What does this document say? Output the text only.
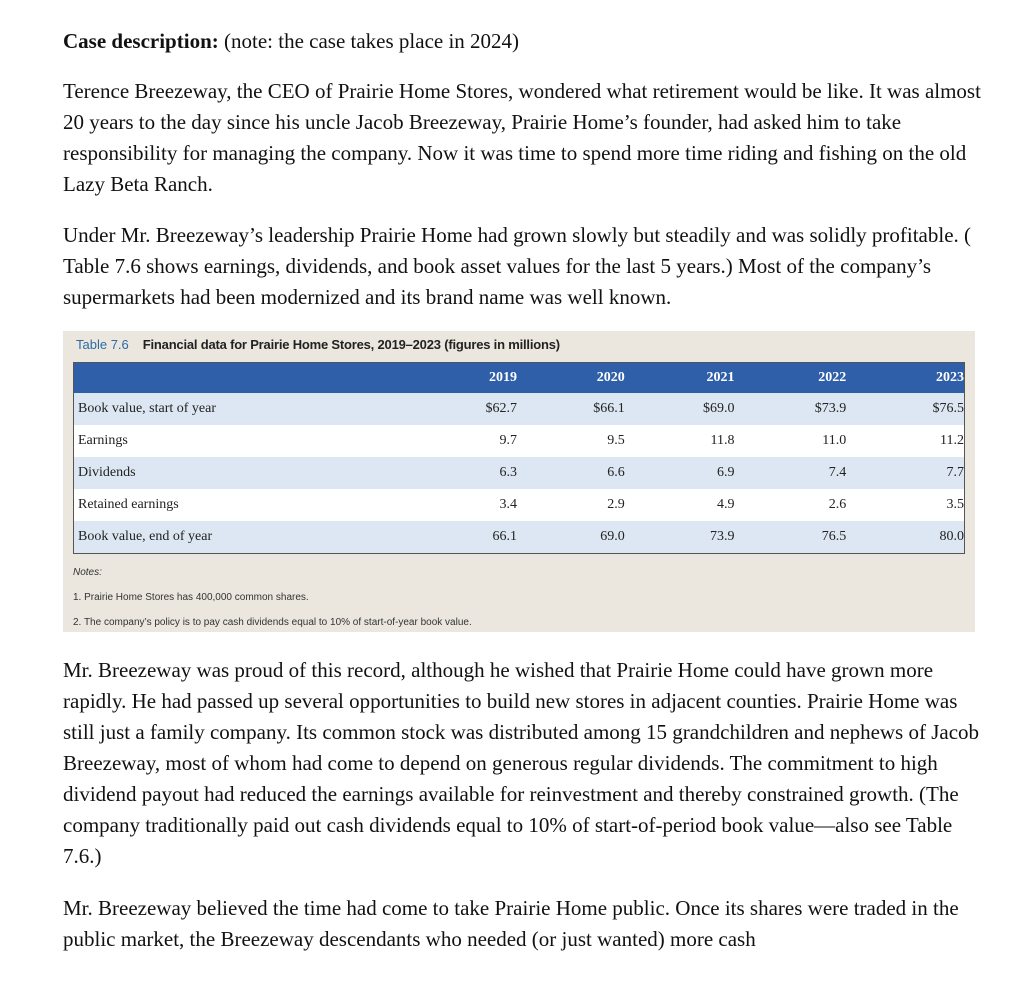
Case description: (note: the case takes place in 2024)

Terence Breezeway, the CEO of Prairie Home Stores, wondered what retirement would be like. It was almost 20 years to the day since his uncle Jacob Breezeway, Prairie Home’s founder, had asked him to take responsibility for managing the company. Now it was time to spend more time riding and fishing on the old Lazy Beta Ranch.

Under Mr. Breezeway’s leadership Prairie Home had grown slowly but steadily and was solidly profitable. ( Table 7.6 shows earnings, dividends, and book asset values for the last 5 years.) Most of the company’s supermarkets had been modernized and its brand name was well known.

Table 7.6 Financial data for Prairie Home Stores, 2019–2023 (figures in millions)
	2019	2020	2021	2022	2023
Book value, start of year	$62.7	$66.1	$69.0	$73.9	$76.5
Earnings	9.7	9.5	11.8	11.0	11.2
Dividends	6.3	6.6	6.9	7.4	7.7
Retained earnings	3.4	2.9	4.9	2.6	3.5
Book value, end of year	66.1	69.0	73.9	76.5	80.0
Notes:
1. Prairie Home Stores has 400,000 common shares.
2. The company’s policy is to pay cash dividends equal to 10% of start-of-year book value.

Mr. Breezeway was proud of this record, although he wished that Prairie Home could have grown more rapidly. He had passed up several opportunities to build new stores in adjacent counties. Prairie Home was still just a family company. Its common stock was distributed among 15 grandchildren and nephews of Jacob Breezeway, most of whom had come to depend on generous regular dividends. The commitment to high dividend payout had reduced the earnings available for reinvestment and thereby constrained growth. (The company traditionally paid out cash dividends equal to 10% of start-of-period book value—also see Table 7.6.)

Mr. Breezeway believed the time had come to take Prairie Home public. Once its shares were traded in the public market, the Breezeway descendants who needed (or just wanted) more cash
